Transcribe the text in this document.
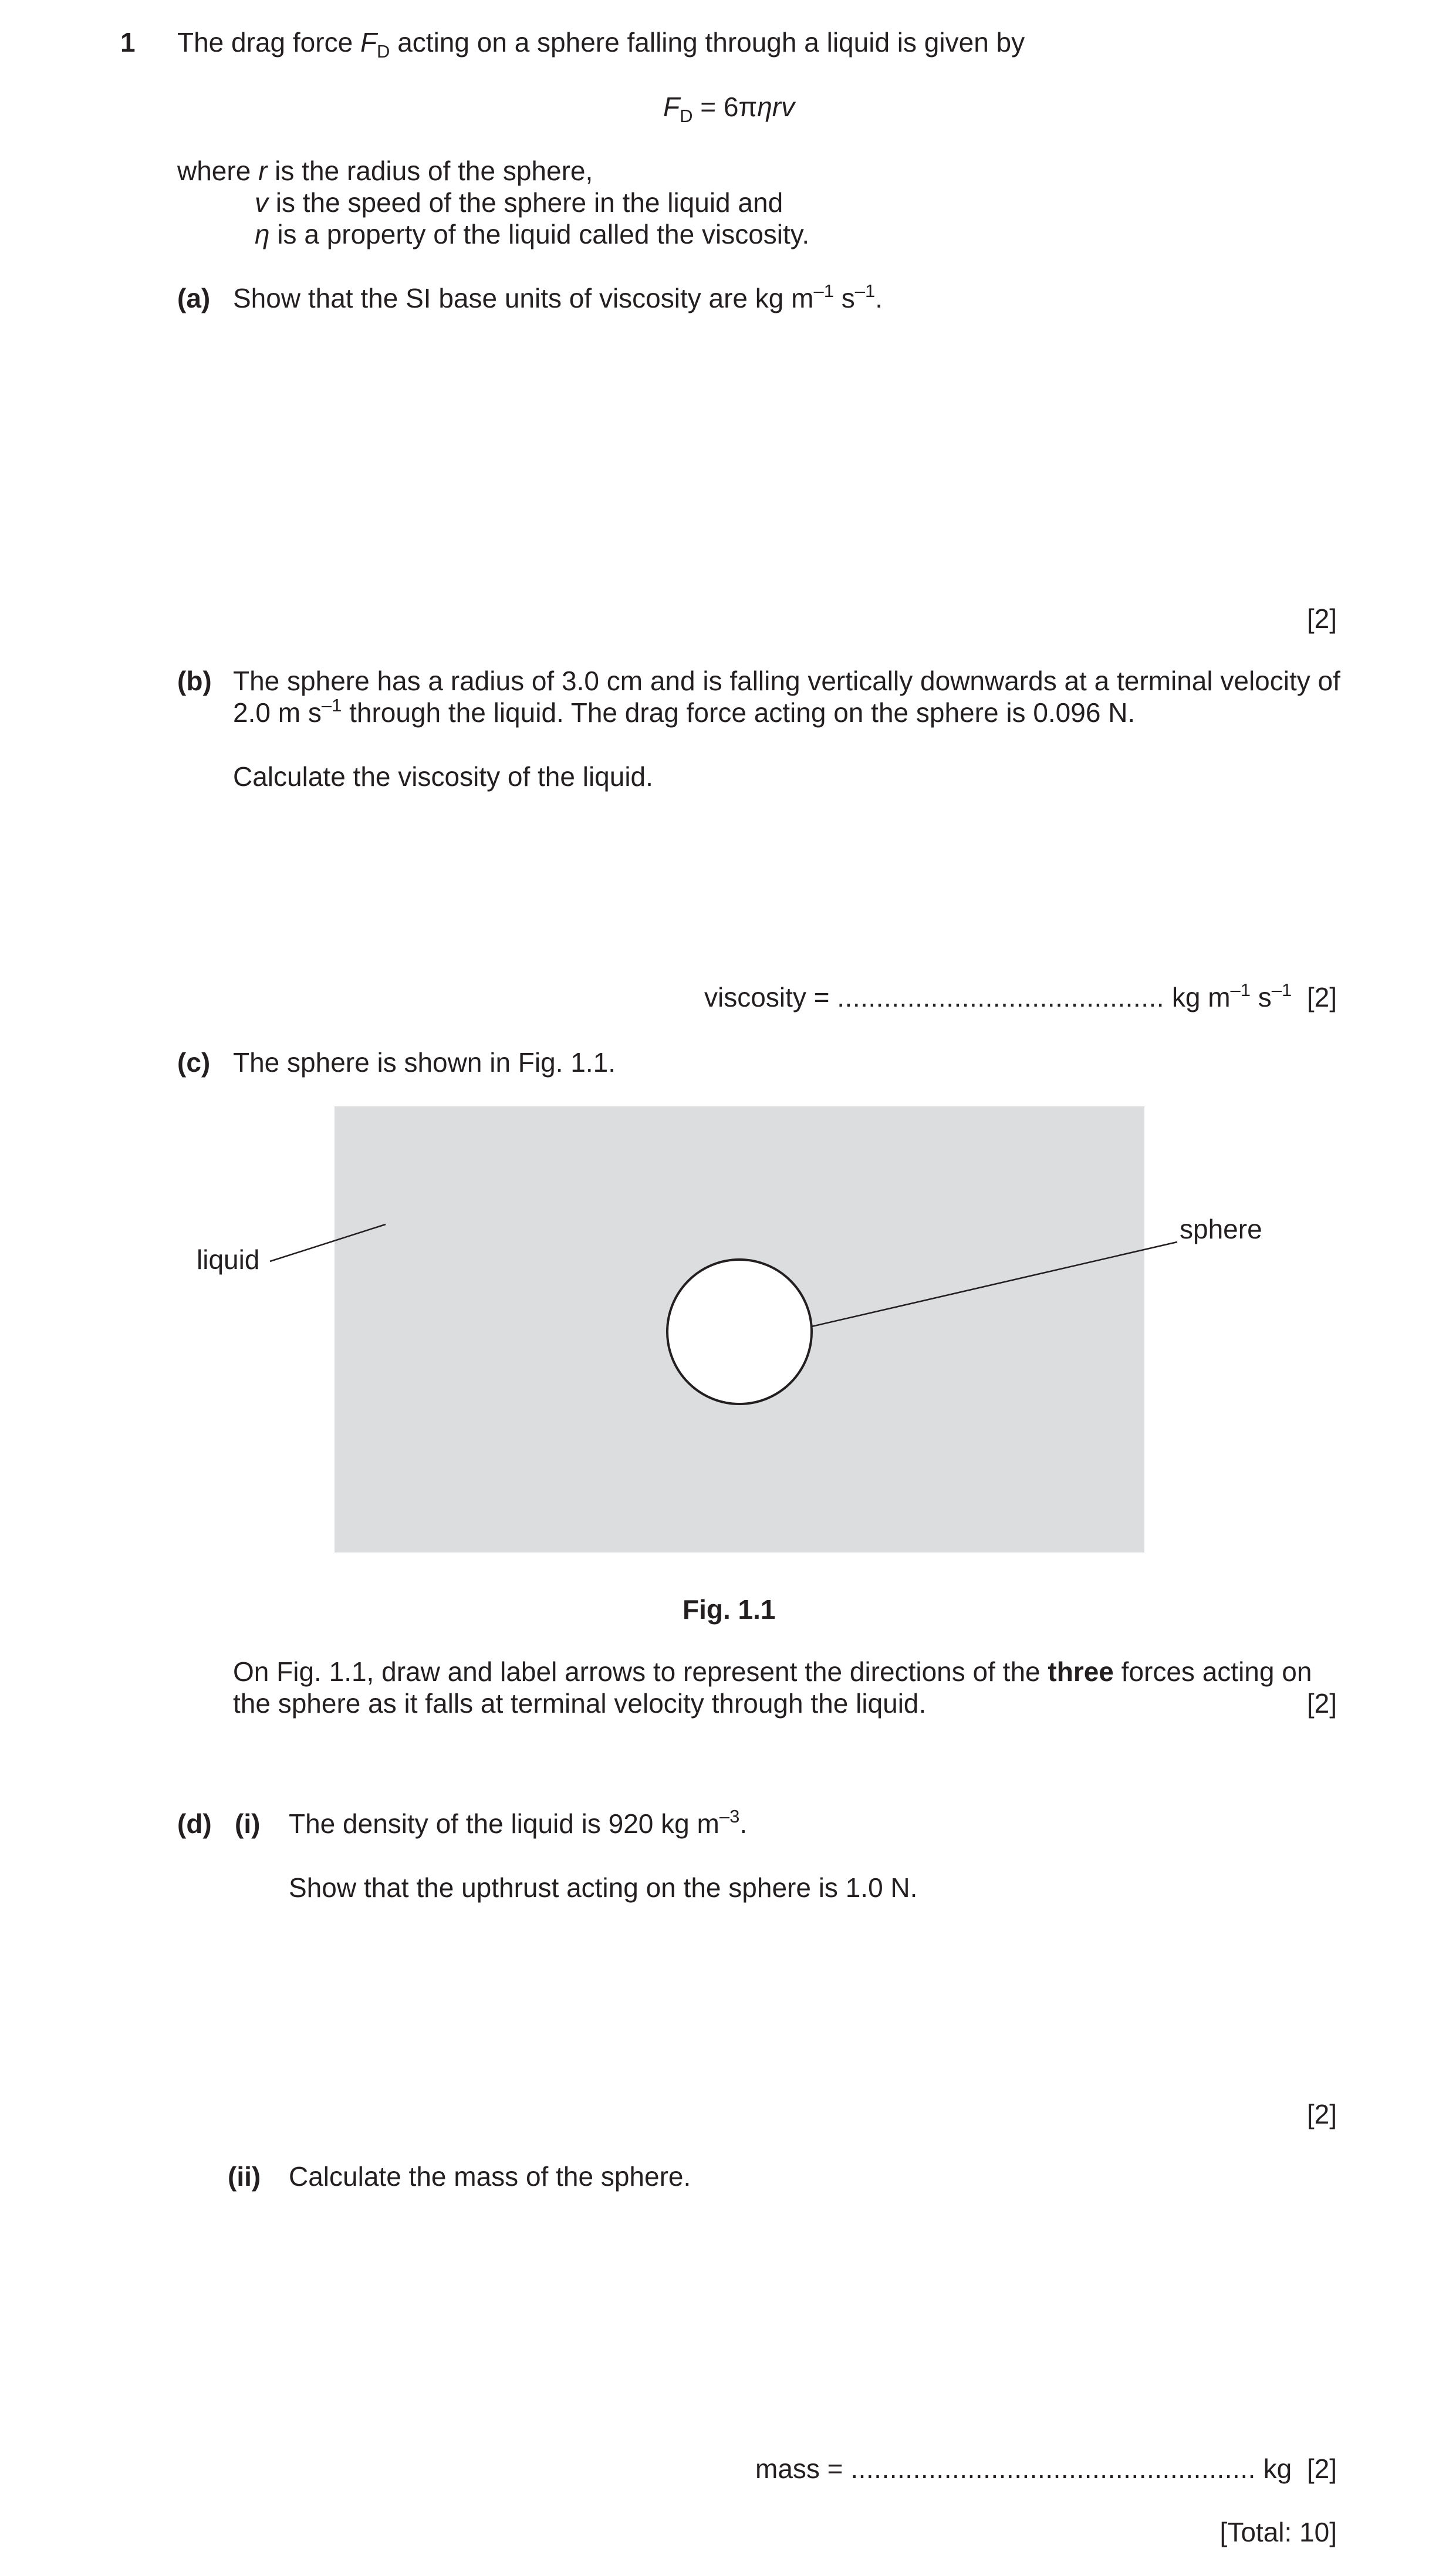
1 The drag force $F_D$ acting on a sphere falling through a liquid is given by
$F_D = 6\pi\eta rv$
where r is the radius of the sphere,
v is the speed of the sphere in the liquid and
η is a property of the liquid called the viscosity.
(a) Show that the SI base units of viscosity are kg $m^{-1}$ $s^{-1}$.
[2]
(b) The sphere has a radius of 3.0 cm and is falling vertically downwards at a terminal velocity of
2.0 m $s^{-1}$ through the liquid. The drag force acting on the sphere is 0.096 N.
Calculate the viscosity of the liquid.
viscosity = .......................................... kg $m^{-1}$ $s^{-1}$ [2]
(c) The sphere is shown in Fig. 1.1.
liquid
sphere
Fig. 1.1
On Fig. 1.1, draw and label arrows to represent the directions of the three forces acting on
the sphere as it falls at terminal velocity through the liquid.	[2]
(d) (i) The density of the liquid is 920 kg $m^{-3}$.
Show that the upthrust acting on the sphere is 1.0 N.
[2]
(ii) Calculate the mass of the sphere.
mass = .................................................... kg [2]
[Total: 10]
